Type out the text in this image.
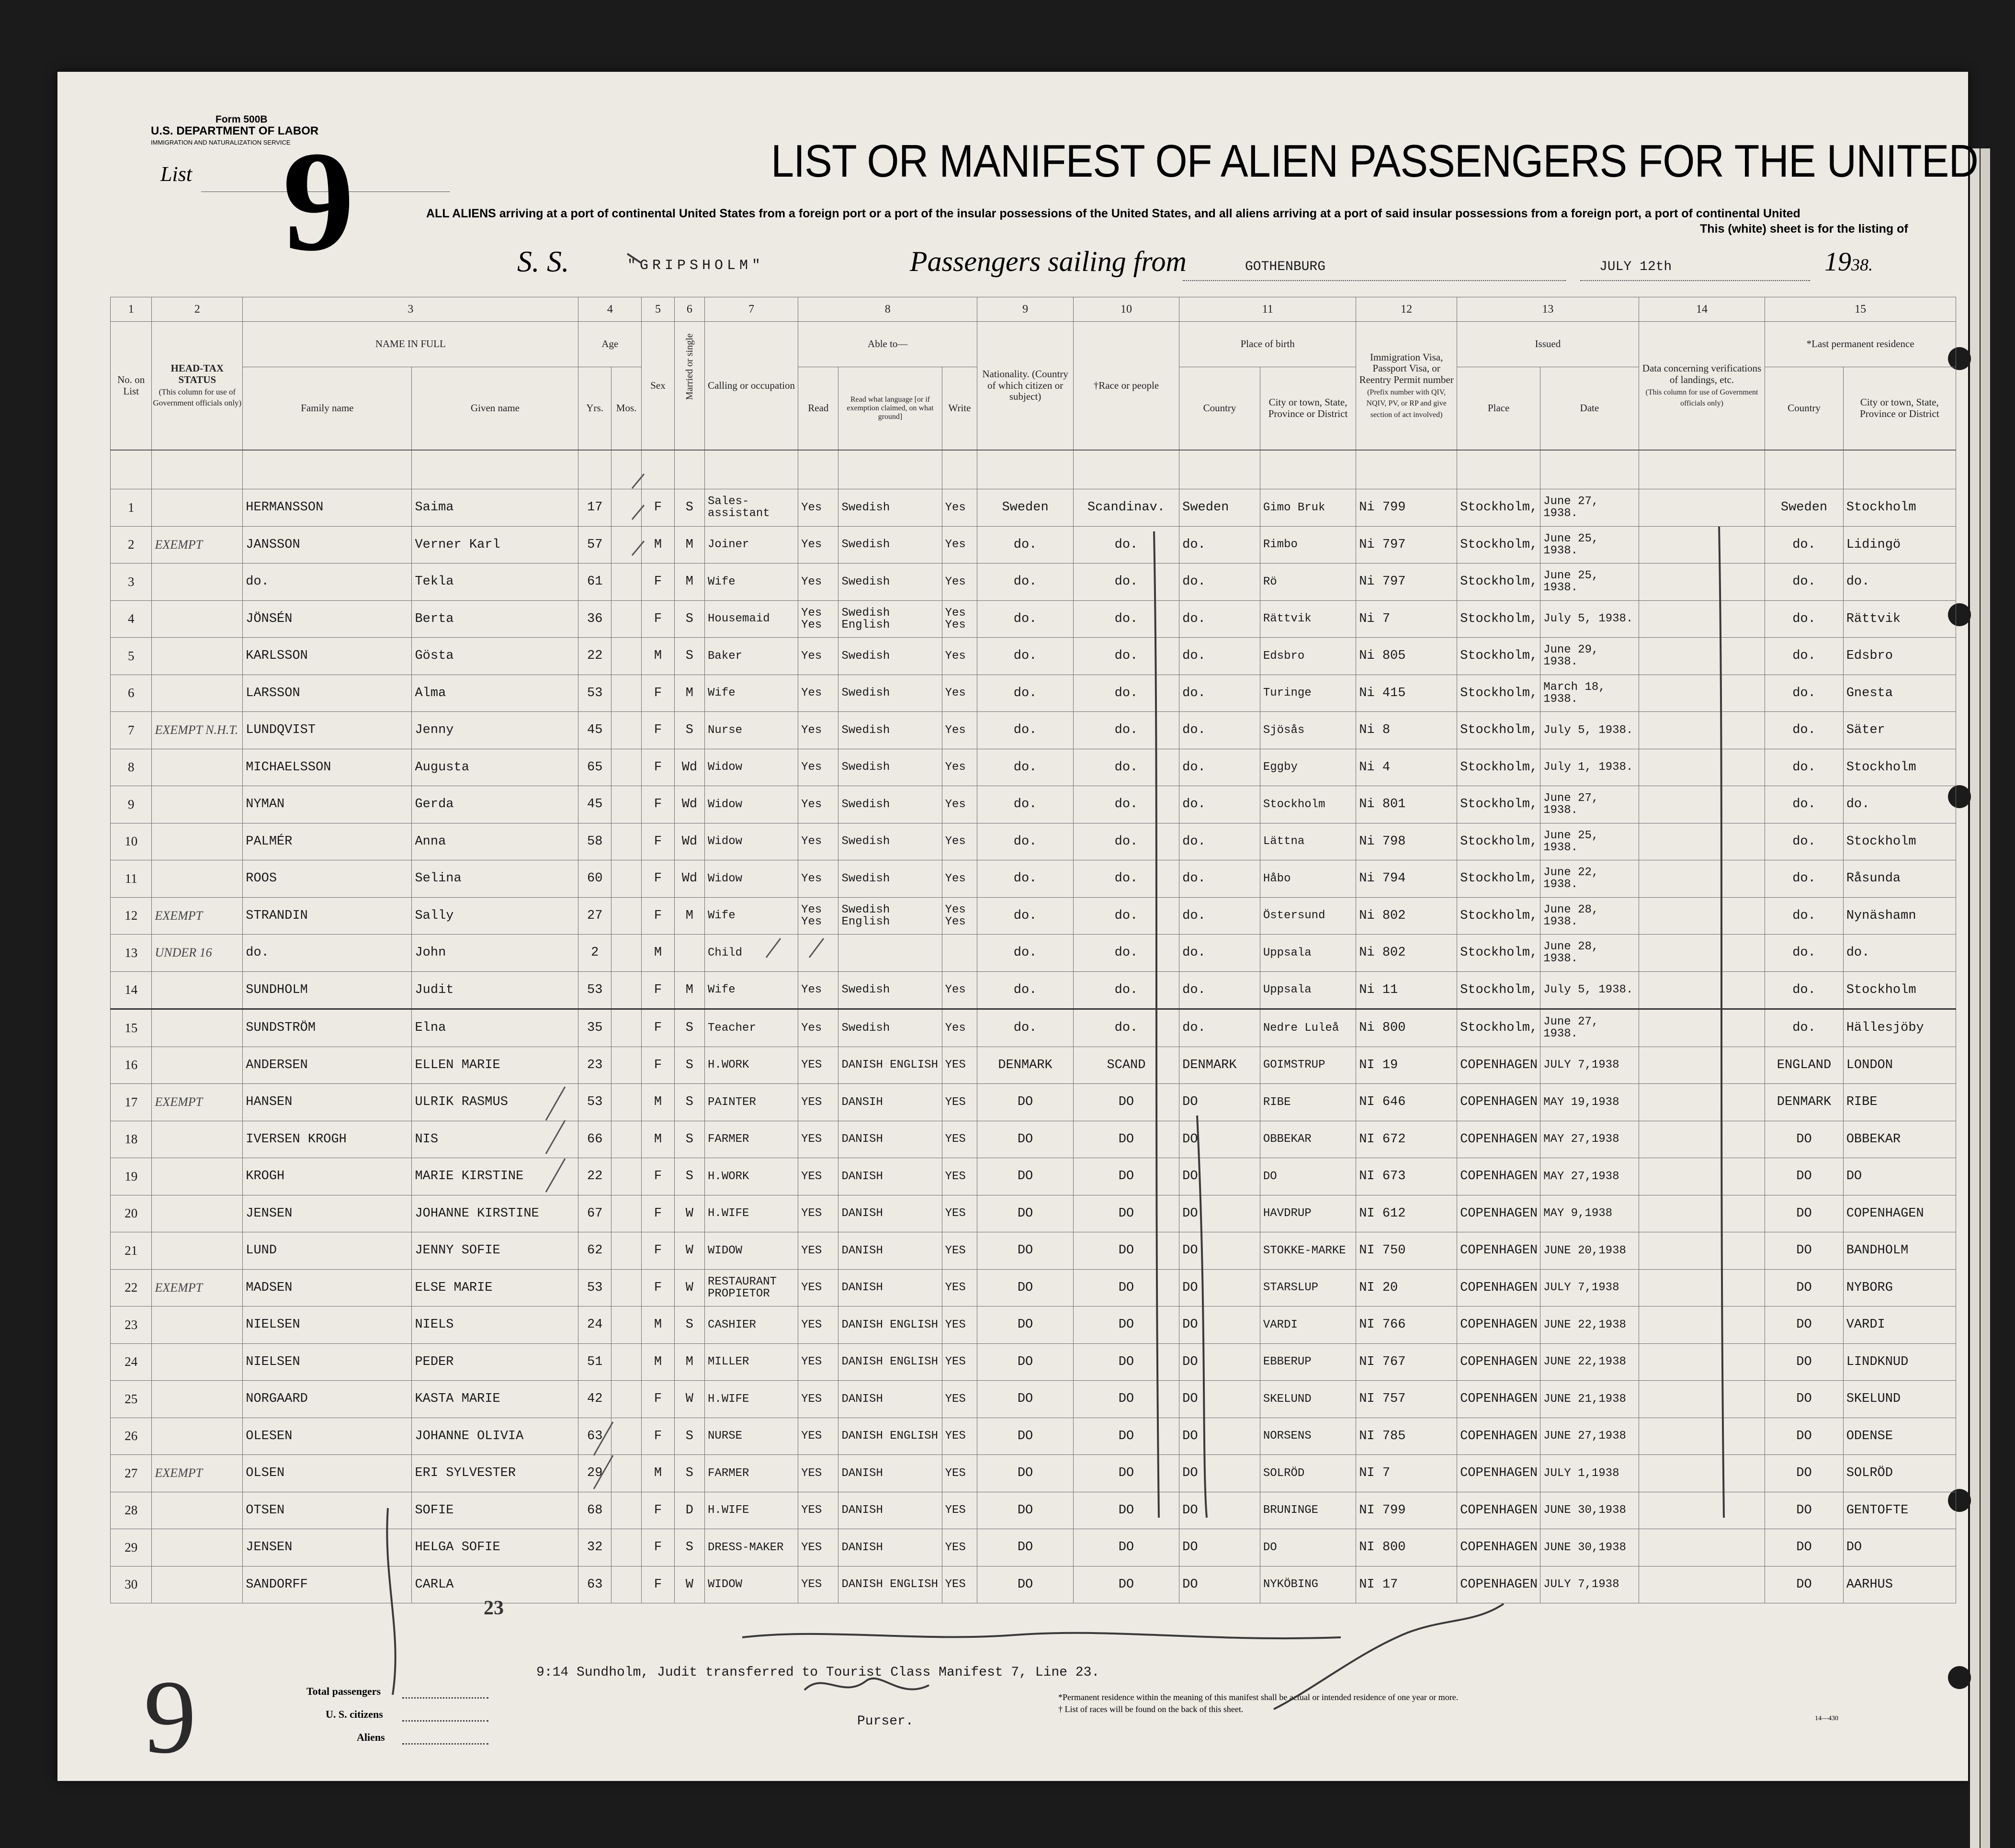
Form 500B
U.S. DEPARTMENT OF LABOR
IMMIGRATION AND NATURALIZATION SERVICE
List 9	LIST OR MANIFEST OF ALIEN PASSENGERS FOR THE UNITED
ALL ALIENS arriving at a port of continental United States from a foreign port or a port of the insular possessions of the United States, and all aliens arriving at a port of said insular possessions from a foreign port, a port of continental United
This (white) sheet is for the listing of
S. S.	"GRIPSHOLM"	Passengers sailing from	GOTHENBURG	JULY 12th	1938.
1	2	3		4		5	6	7	8			9	10	11		12	13		14	15	
No. on List	HEAD-TAX STATUS
(This column for use of Government officials only)	NAME IN FULL		Age		Sex	Married or single	Calling or occupation	Able to—			Nationality. (Country of which citizen or subject)	†Race or people	Place of birth		Immigration Visa, Passport Visa, or Reentry Permit number
(Prefix number with QIV, NQIV, PV, or RP and give section of act involved)	Issued		Data concerning verifications of landings, etc.
(This column for use of Government officials only)	*Last permanent residence	
		Family name	Given name	Yrs.	Mos.				Read	Read what language [or if exemption claimed, on what ground]	Write			Country	City or town, State, Province or District		Place	Date		Country	City or town, State, Province or District

1		HERMANSSON	Saima	17		F	S	Sales-assistant	Yes	Swedish	Yes	Sweden	Scandinav.	Sweden	Gimo Bruk	Ni 799	Stockholm,	June 27, 1938.		Sweden	Stockholm
2	EXEMPT	JANSSON	Verner Karl	57		M	M	Joiner	Yes	Swedish	Yes	do.	do.	do.	Rimbo	Ni 797	Stockholm,	June 25, 1938.		do.	Lidingö
3		do.	Tekla	61		F	M	Wife	Yes	Swedish	Yes	do.	do.	do.	Rö	Ni 797	Stockholm,	June 25, 1938.		do.	do.
4		JÖNSÉN	Berta	36		F	S	Housemaid	Yes Yes	Swedish English	Yes Yes	do.	do.	do.	Rättvik	Ni 7	Stockholm,	July 5, 1938.		do.	Rättvik
5		KARLSSON	Gösta	22		M	S	Baker	Yes	Swedish	Yes	do.	do.	do.	Edsbro	Ni 805	Stockholm,	June 29, 1938.		do.	Edsbro
6		LARSSON	Alma	53		F	M	Wife	Yes	Swedish	Yes	do.	do.	do.	Turinge	Ni 415	Stockholm,	March 18, 1938.		do.	Gnesta
7	EXEMPT N.H.T.	LUNDQVIST	Jenny	45		F	S	Nurse	Yes	Swedish	Yes	do.	do.	do.	Sjösås	Ni 8	Stockholm,	July 5, 1938.		do.	Säter
8		MICHAELSSON	Augusta	65		F	Wd	Widow	Yes	Swedish	Yes	do.	do.	do.	Eggby	Ni 4	Stockholm,	July 1, 1938.		do.	Stockholm
9		NYMAN	Gerda	45		F	Wd	Widow	Yes	Swedish	Yes	do.	do.	do.	Stockholm	Ni 801	Stockholm,	June 27, 1938.		do.	do.
10		PALMÉR	Anna	58		F	Wd	Widow	Yes	Swedish	Yes	do.	do.	do.	Lättna	Ni 798	Stockholm,	June 25, 1938.		do.	Stockholm
11		ROOS	Selina	60		F	Wd	Widow	Yes	Swedish	Yes	do.	do.	do.	Håbo	Ni 794	Stockholm,	June 22, 1938.		do.	Råsunda
12	EXEMPT	STRANDIN	Sally	27		F	M	Wife	Yes Yes	Swedish English	Yes Yes	do.	do.	do.	Östersund	Ni 802	Stockholm,	June 28, 1938.		do.	Nynäshamn
13	UNDER 16	do.	John	2		M		Child				do.	do.	do.	Uppsala	Ni 802	Stockholm,	June 28, 1938.		do.	do.
14		SUNDHOLM	Judit	53		F	M	Wife	Yes	Swedish	Yes	do.	do.	do.	Uppsala	Ni 11	Stockholm,	July 5, 1938.		do.	Stockholm
15		SUNDSTRÖM	Elna	35		F	S	Teacher	Yes	Swedish	Yes	do.	do.	do.	Nedre Luleå	Ni 800	Stockholm,	June 27, 1938.		do.	Hällesjöby
16		ANDERSEN	ELLEN MARIE	23		F	S	H.WORK	YES	DANISH ENGLISH	YES	DENMARK	SCAND	DENMARK	GOIMSTRUP	NI 19	COPENHAGEN	JULY 7,1938		ENGLAND	LONDON
17	EXEMPT	HANSEN	ULRIK RASMUS	53		M	S	PAINTER	YES	DANSIH	YES	DO	DO	DO	RIBE	NI 646	COPENHAGEN	MAY 19,1938		DENMARK	RIBE
18		IVERSEN KROGH	NIS	66		M	S	FARMER	YES	DANISH	YES	DO	DO	DO	OBBEKAR	NI 672	COPENHAGEN	MAY 27,1938		DO	OBBEKAR
19		KROGH	MARIE KIRSTINE	22		F	S	H.WORK	YES	DANISH	YES	DO	DO	DO	DO	NI 673	COPENHAGEN	MAY 27,1938		DO	DO
20		JENSEN	JOHANNE KIRSTINE	67		F	W	H.WIFE	YES	DANISH	YES	DO	DO	DO	HAVDRUP	NI 612	COPENHAGEN	MAY 9,1938		DO	COPENHAGEN
21		LUND	JENNY SOFIE	62		F	W	WIDOW	YES	DANISH	YES	DO	DO	DO	STOKKE-MARKE	NI 750	COPENHAGEN	JUNE 20,1938		DO	BANDHOLM
22	EXEMPT	MADSEN	ELSE MARIE	53		F	W	RESTAURANT PROPIETOR	YES	DANISH	YES	DO	DO	DO	STARSLUP	NI 20	COPENHAGEN	JULY 7,1938		DO	NYBORG
23		NIELSEN	NIELS	24		M	S	CASHIER	YES	DANISH ENGLISH	YES	DO	DO	DO	VARDI	NI 766	COPENHAGEN	JUNE 22,1938		DO	VARDI
24		NIELSEN	PEDER	51		M	M	MILLER	YES	DANISH ENGLISH	YES	DO	DO	DO	EBBERUP	NI 767	COPENHAGEN	JUNE 22,1938		DO	LINDKNUD
25		NORGAARD	KASTA MARIE	42		F	W	H.WIFE	YES	DANISH	YES	DO	DO	DO	SKELUND	NI 757	COPENHAGEN	JUNE 21,1938		DO	SKELUND
26		OLESEN	JOHANNE OLIVIA	63		F	S	NURSE	YES	DANISH ENGLISH	YES	DO	DO	DO	NORSENS	NI 785	COPENHAGEN	JUNE 27,1938		DO	ODENSE
27	EXEMPT	OLSEN	ERI SYLVESTER	29		M	S	FARMER	YES	DANISH	YES	DO	DO	DO	SOLRÖD	NI 7	COPENHAGEN	JULY 1,1938		DO	SOLRÖD
28		OTSEN	SOFIE	68		F	D	H.WIFE	YES	DANISH	YES	DO	DO	DO	BRUNINGE	NI 799	COPENHAGEN	JUNE 30,1938		DO	GENTOFTE
29		JENSEN	HELGA SOFIE	32		F	S	DRESS-MAKER	YES	DANISH	YES	DO	DO	DO	DO	NI 800	COPENHAGEN	JUNE 30,1938		DO	DO
30		SANDORFF	CARLA	63		F	W	WIDOW	YES	DANISH ENGLISH	YES	DO	DO	DO	NYKÖBING	NI 17	COPENHAGEN	JULY 7,1938		DO	AARHUS
9:14 Sundholm, Judit transferred to Tourist Class Manifest 7, Line 23.
9	Total passengers
U. S. citizens
Aliens
Purser.
*Permanent residence within the meaning of this manifest shall be actual or intended residence of one year or more.
† List of races will be found on the back of this sheet.
14—430
23
